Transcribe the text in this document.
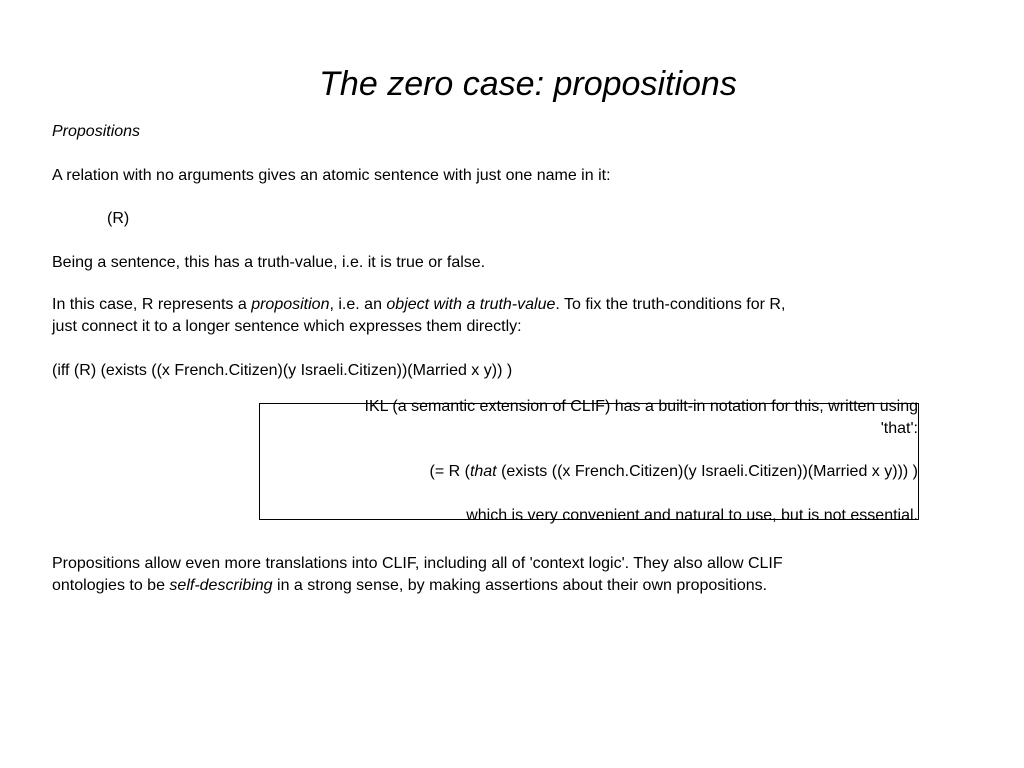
The zero case: propositions
Propositions
A relation with no arguments gives an atomic sentence with just one name in it:
(R)
Being a sentence, this has a truth-value, i.e. it is true or false.
In this case, R represents a proposition, i.e. an object with a truth-value. To fix the truth-conditions for R,
just connect it to a longer sentence which expresses them directly:
(iff (R) (exists ((x French.Citizen)(y Israeli.Citizen))(Married x y)) )
IKL (a semantic extension of CLIF) has a built-in notation for this, written using
'that':
(= R (that (exists ((x French.Citizen)(y Israeli.Citizen))(Married x y))) )
which is very convenient and natural to use, but is not essential.
Propositions allow even more translations into CLIF, including all of 'context logic'. They also allow CLIF
ontologies to be self-describing in a strong sense, by making assertions about their own propositions.
